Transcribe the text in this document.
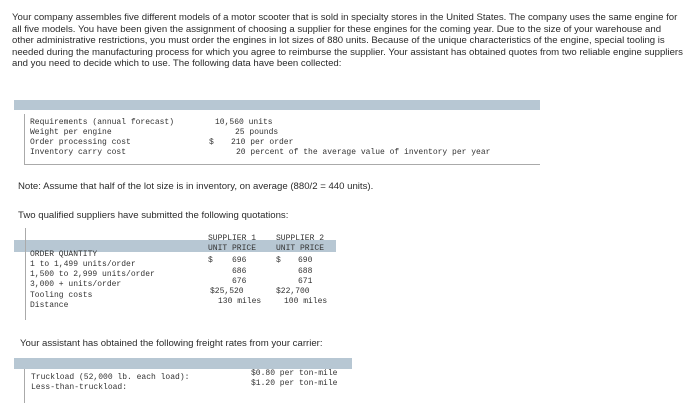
Your company assembles five different models of a motor scooter that is sold in specialty stores in the United States. The company uses the same engine for all five models. You have been given the assignment of choosing a supplier for these engines for the coming year. Due to the size of your warehouse and other administrative restrictions, you must order the engines in lot sizes of 880 units. Because of the unique characteristics of the engine, special tooling is needed during the manufacturing process for which you agree to reimburse the supplier. Your assistant has obtained quotes from two reliable engine suppliers and you need to decide which to use. The following data have been collected:
Requirements (annual forecast)
Weight per engine
Order processing cost
Inventory carry cost
10,560 units
25 pounds
$ 210 per order
20 percent of the average value of inventory per year
Note: Assume that half of the lot size is in inventory, on average (880/2 = 440 units).
Two qualified suppliers have submitted the following quotations:
SUPPLIER 1
UNIT PRICE
SUPPLIER 2
UNIT PRICE
ORDER QUANTITY
1 to 1,499 units/order
1,500 to 2,999 units/order
3,000 + units/order
Tooling costs
Distance
$ 696
686
676
$25,520
130 miles
$ 690
688
671
$22,700
100 miles
Your assistant has obtained the following freight rates from your carrier:
Truckload (52,000 lb. each load):
Less-than-truckload:
$0.80 per ton-mile
$1.20 per ton-mile
